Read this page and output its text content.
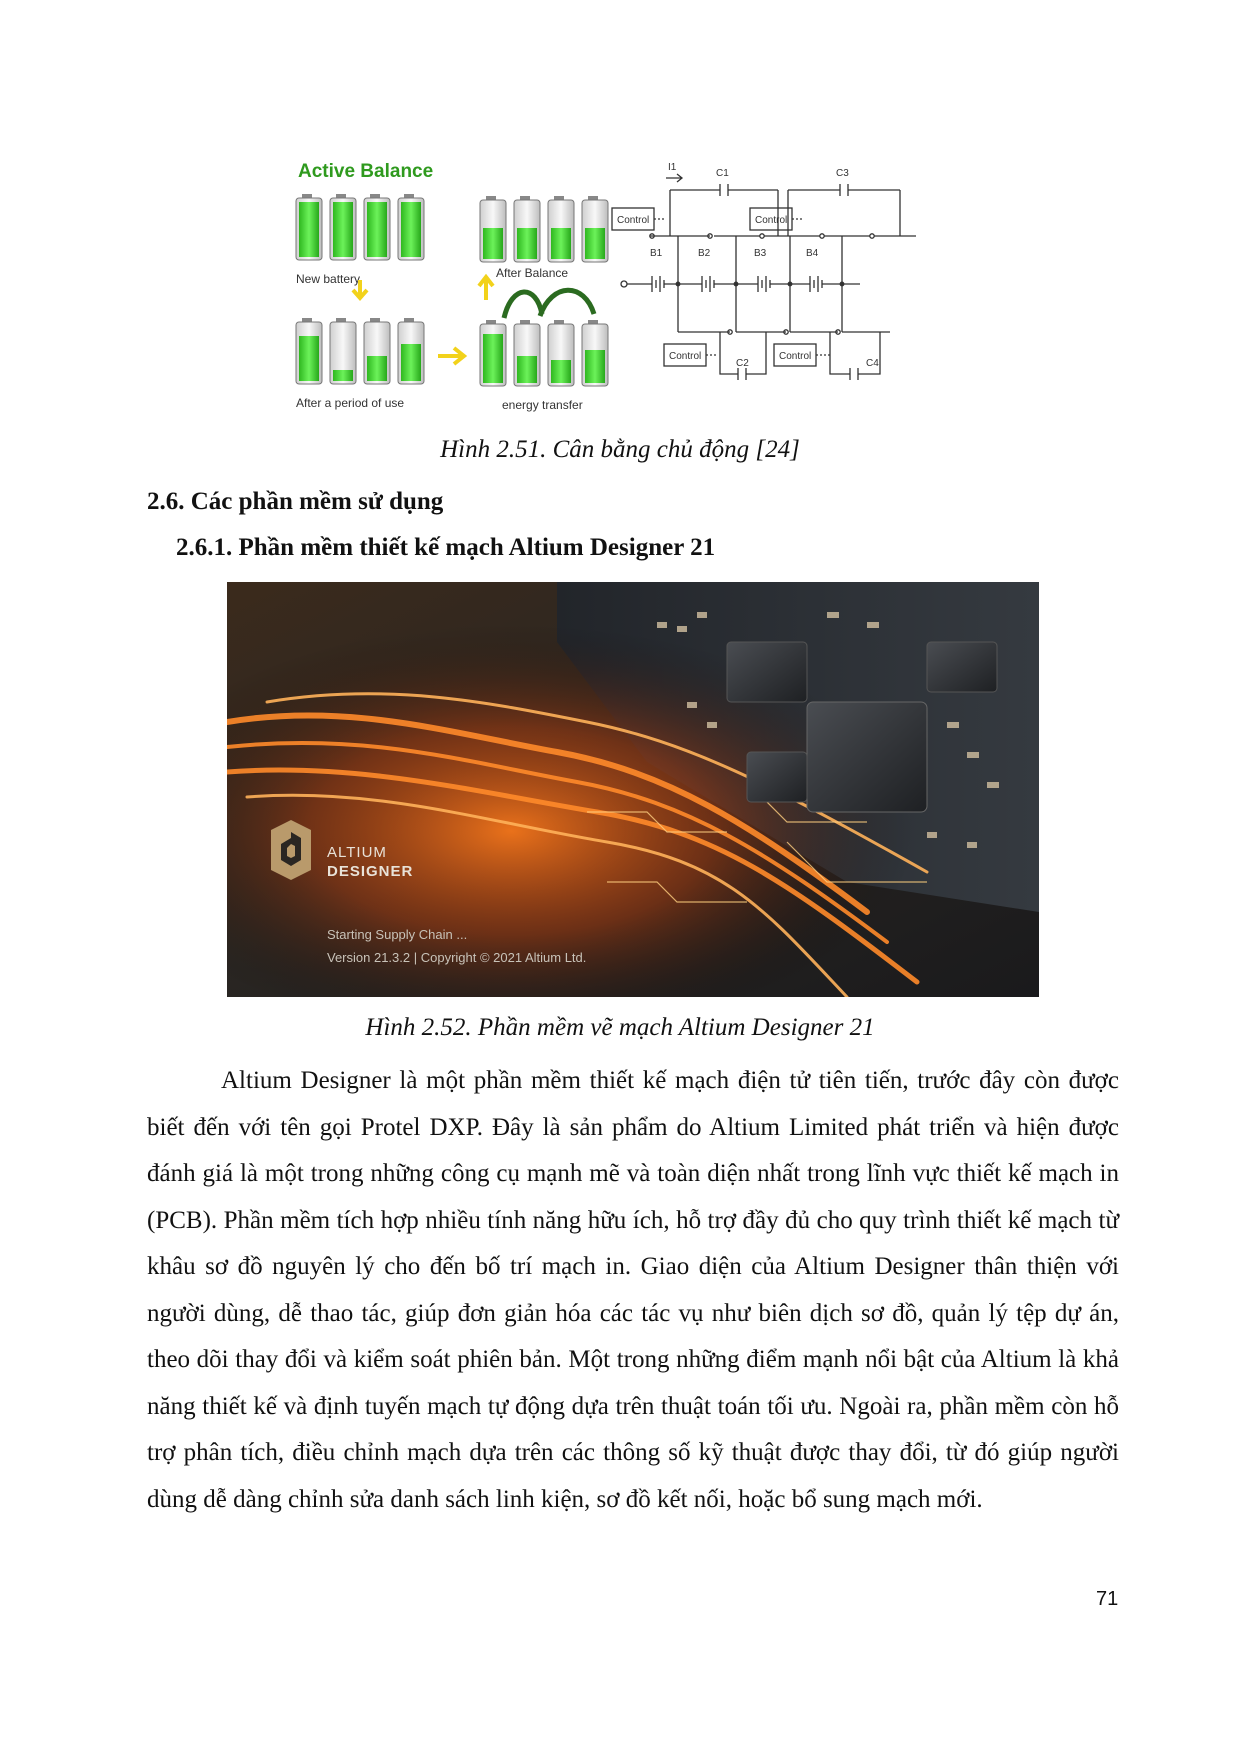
Active Balance
New battery
After a period of use
After Balance
energy transfer
I1
C1	C3
Control	Control
B1	B2	B3	B4
Control	Control
C2	C4
Hình 2.51. Cân bằng chủ động [24]
2.6. Các phần mềm sử dụng
2.6.1. Phần mềm thiết kế mạch Altium Designer 21
ALTIUM
DESIGNER
Starting Supply Chain ...
Version 21.3.2 | Copyright © 2021 Altium Ltd.
Hình 2.52. Phần mềm vẽ mạch Altium Designer 21
Altium Designer là một phần mềm thiết kế mạch điện tử tiên tiến, trước đây còn được biết đến với tên gọi Protel DXP. Đây là sản phẩm do Altium Limited phát triển và hiện được đánh giá là một trong những công cụ mạnh mẽ và toàn diện nhất trong lĩnh vực thiết kế mạch in (PCB). Phần mềm tích hợp nhiều tính năng hữu ích, hỗ trợ đầy đủ cho quy trình thiết kế mạch từ khâu sơ đồ nguyên lý cho đến bố trí mạch in. Giao diện của Altium Designer thân thiện với người dùng, dễ thao tác, giúp đơn giản hóa các tác vụ như biên dịch sơ đồ, quản lý tệp dự án, theo dõi thay đổi và kiểm soát phiên bản. Một trong những điểm mạnh nổi bật của Altium là khả năng thiết kế và định tuyến mạch tự động dựa trên thuật toán tối ưu. Ngoài ra, phần mềm còn hỗ trợ phân tích, điều chỉnh mạch dựa trên các thông số kỹ thuật được thay đổi, từ đó giúp người dùng dễ dàng chỉnh sửa danh sách linh kiện, sơ đồ kết nối, hoặc bổ sung mạch mới.
71
